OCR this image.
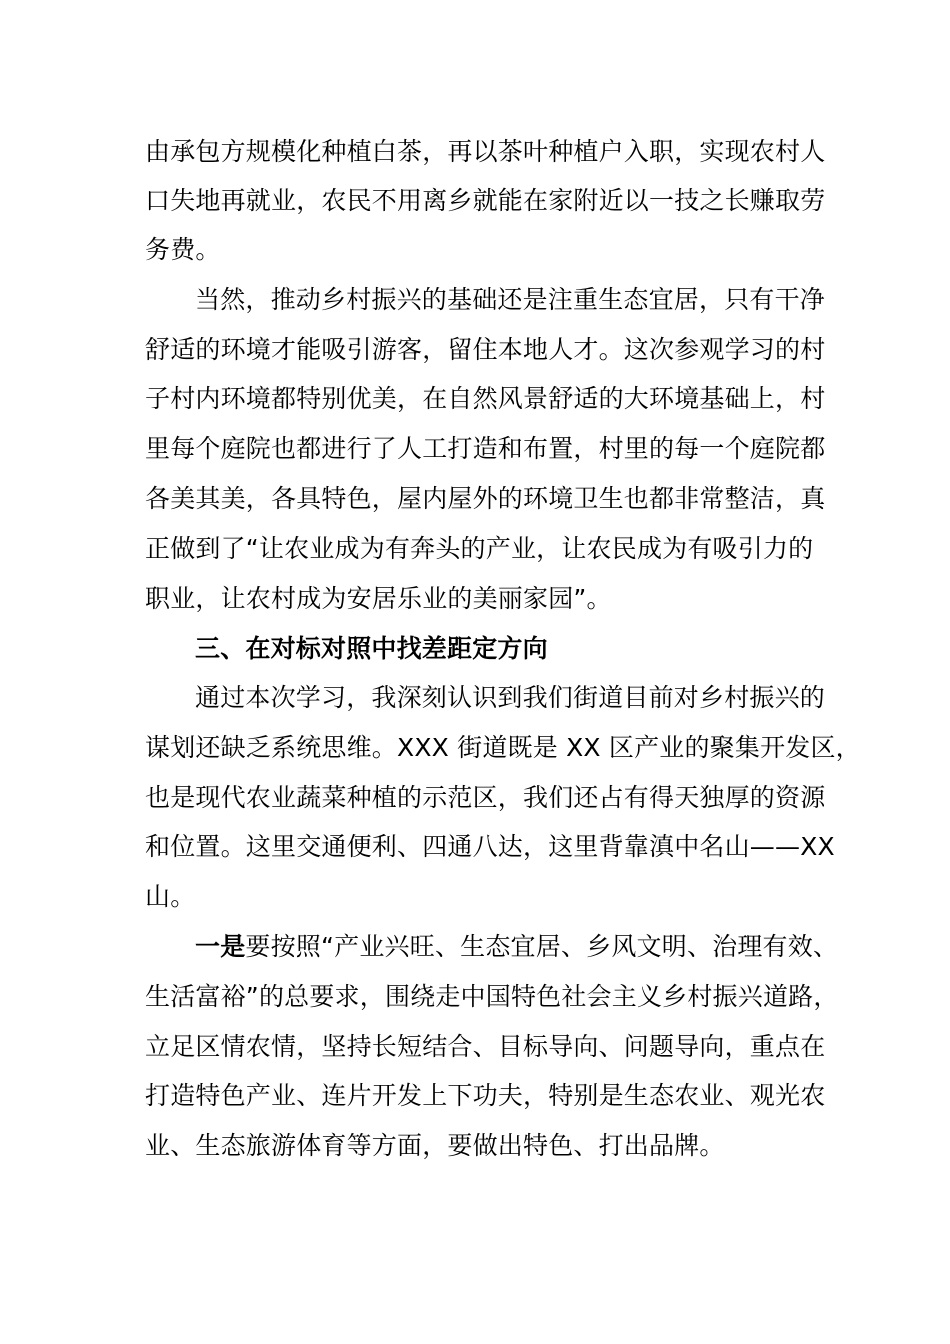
由承包方规模化种植白茶，再以茶叶种植户入职，实现农村人
口失地再就业，农民不用离乡就能在家附近以一技之长赚取劳
务费。
当然，推动乡村振兴的基础还是注重生态宜居，只有干净
舒适的环境才能吸引游客，留住本地人才。这次参观学习的村
子村内环境都特别优美，在自然风景舒适的大环境基础上，村
里每个庭院也都进行了人工打造和布置，村里的每一个庭院都
各美其美，各具特色，屋内屋外的环境卫生也都非常整洁，真
正做到了“让农业成为有奔头的产业，让农民成为有吸引力的
职业，让农村成为安居乐业的美丽家园”。
三、在对标对照中找差距定方向
通过本次学习，我深刻认识到我们街道目前对乡村振兴的
谋划还缺乏系统思维。XXX 街道既是 XX 区产业的聚集开发区，
也是现代农业蔬菜种植的示范区，我们还占有得天独厚的资源
和位置。这里交通便利、四通八达，这里背靠滇中名山——XX
山。
一是要按照“产业兴旺、生态宜居、乡风文明、治理有效、
生活富裕”的总要求，围绕走中国特色社会主义乡村振兴道路，
立足区情农情，坚持长短结合、目标导向、问题导向，重点在
打造特色产业、连片开发上下功夫，特别是生态农业、观光农
业、生态旅游体育等方面，要做出特色、打出品牌。
